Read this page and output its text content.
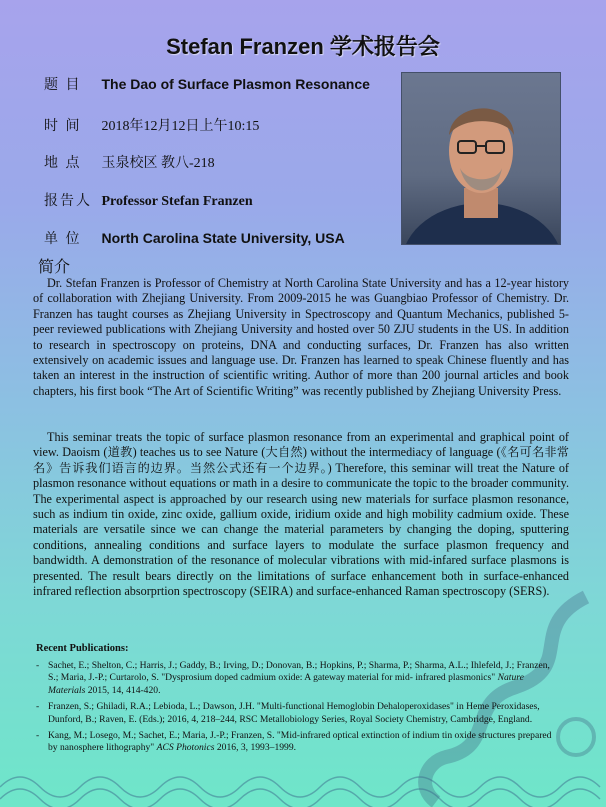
Stefan Franzen 学术报告会
题 目 The Dao of Surface Plasmon Resonance
时 间 2018年12月12日上午10:15
地 点 玉泉校区 教八-218
报告人 Professor Stefan Franzen
单 位 North Carolina State University, USA
简介

Dr. Stefan Franzen is Professor of Chemistry at North Carolina State University and has a 12-year history of collaboration with Zhejiang University. From 2009-2015 he was Guangbiao Professor of Chemistry. Dr. Franzen has taught courses as Zhejiang University in Spectroscopy and Quantum Mechanics, published 5-peer reviewed publications with Zhejiang University and hosted over 50 ZJU students in the US. In addition to research in spectroscopy on proteins, DNA and conducting surfaces, Dr. Franzen has also written extensively on academic issues and language use. Dr. Franzen has learned to speak Chinese fluently and has taken an interest in the instruction of scientific writing. Author of more than 200 journal articles and book chapters, his first book “The Art of Scientific Writing” was recently published by Zhejiang University Press.

This seminar treats the topic of surface plasmon resonance from an experimental and graphical point of view. Daoism (道教) teaches us to see Nature (大自然) without the intermediacy of language (《名可名非常名》告诉我们语言的边界。当然公式还有一个边界。) Therefore, this seminar will treat the Nature of plasmon resonance without equations or math in a desire to communicate the topic to the broader community. The experimental aspect is approached by our research using new materials for surface plasmon resonance, such as indium tin oxide, zinc oxide, gallium oxide, iridium oxide and high mobility cadmium oxide. These materials are versatile since we can change the material parameters by changing the doping, sputtering conditions, annealing conditions and surface layers to modulate the surface plasmon frequency and bandwidth. A demonstration of the resonance of molecular vibrations with mid-infared surface plasmons is presented. The result bears directly on the limitations of surface enhancement both in surface-enhanced infrared reflection absorprtion spectroscopy (SEIRA) and surface-enhanced Raman spectroscopy (SERS).

Recent Publications:
- Sachet, E.; Shelton, C.; Harris, J.; Gaddy, B.; Irving, D.; Donovan, B.; Hopkins, P.; Sharma, P.; Sharma, A.L.; Ihlefeld, J.; Franzen, S.; Maria, J.-P.; Curtarolo, S. "Dysprosium doped cadmium oxide: A gateway material for mid- infrared plasmonics" Nature Materials 2015, 14, 414-420.
- Franzen, S.; Ghiladi, R.A.; Lebioda, L.; Dawson, J.H. "Multi-functional Hemoglobin Dehaloperoxidases" in Heme Peroxidases, Dunford, B.; Raven, E. (Eds.); 2016, 4, 218–244, RSC Metallobiology Series, Royal Society Chemistry, Cambridge, England.
- Kang, M.; Losego, M.; Sachet, E.; Maria, J.-P.; Franzen, S. "Mid-infrared optical extinction of indium tin oxide structures prepared by nanosphere lithography" ACS Photonics 2016, 3, 1993–1999.
